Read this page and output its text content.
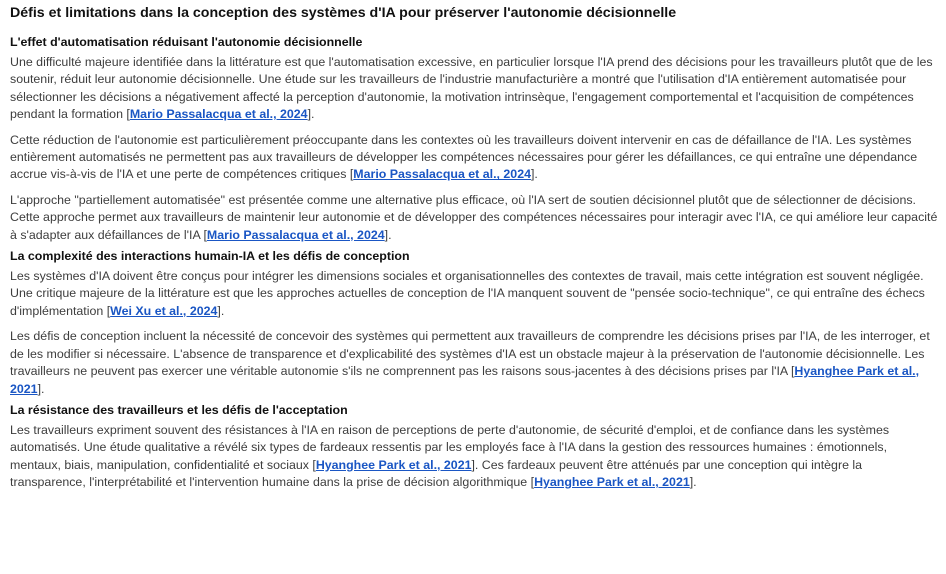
Défis et limitations dans la conception des systèmes d'IA pour préserver l'autonomie décisionnelle
L'effet d'automatisation réduisant l'autonomie décisionnelle

Une difficulté majeure identifiée dans la littérature est que l'automatisation excessive, en particulier lorsque l'IA prend des décisions pour les travailleurs plutôt que de les soutenir, réduit leur autonomie décisionnelle. Une étude sur les travailleurs de l'industrie manufacturière a montré que l'utilisation d'IA entièrement automatisée pour sélectionner les décisions a négativement affecté la perception d'autonomie, la motivation intrinsèque, l'engagement comportemental et l'acquisition de compétences pendant la formation [Mario Passalacqua et al., 2024].

Cette réduction de l'autonomie est particulièrement préoccupante dans les contextes où les travailleurs doivent intervenir en cas de défaillance de l'IA. Les systèmes entièrement automatisés ne permettent pas aux travailleurs de développer les compétences nécessaires pour gérer les défaillances, ce qui entraîne une dépendance accrue vis-à-vis de l'IA et une perte de compétences critiques [Mario Passalacqua et al., 2024].

L'approche "partiellement automatisée" est présentée comme une alternative plus efficace, où l'IA sert de soutien décisionnel plutôt que de sélectionner de décisions. Cette approche permet aux travailleurs de maintenir leur autonomie et de développer des compétences nécessaires pour interagir avec l'IA, ce qui améliore leur capacité à s'adapter aux défaillances de l'IA [Mario Passalacqua et al., 2024].

La complexité des interactions humain-IA et les défis de conception

Les systèmes d'IA doivent être conçus pour intégrer les dimensions sociales et organisationnelles des contextes de travail, mais cette intégration est souvent négligée. Une critique majeure de la littérature est que les approches actuelles de conception de l'IA manquent souvent de "pensée socio-technique", ce qui entraîne des échecs d'implémentation [Wei Xu et al., 2024].

Les défis de conception incluent la nécessité de concevoir des systèmes qui permettent aux travailleurs de comprendre les décisions prises par l'IA, de les interroger, et de les modifier si nécessaire. L'absence de transparence et d'explicabilité des systèmes d'IA est un obstacle majeur à la préservation de l'autonomie décisionnelle. Les travailleurs ne peuvent pas exercer une véritable autonomie s'ils ne comprennent pas les raisons sous-jacentes à des décisions prises par l'IA [Hyanghee Park et al., 2021].

La résistance des travailleurs et les défis de l'acceptation

Les travailleurs expriment souvent des résistances à l'IA en raison de perceptions de perte d'autonomie, de sécurité d'emploi, et de confiance dans les systèmes automatisés. Une étude qualitative a révélé six types de fardeaux ressentis par les employés face à l'IA dans la gestion des ressources humaines : émotionnels, mentaux, biais, manipulation, confidentialité et sociaux [Hyanghee Park et al., 2021]. Ces fardeaux peuvent être atténués par une conception qui intègre la transparence, l'interprétabilité et l'intervention humaine dans la prise de décision algorithmique [Hyanghee Park et al., 2021].
